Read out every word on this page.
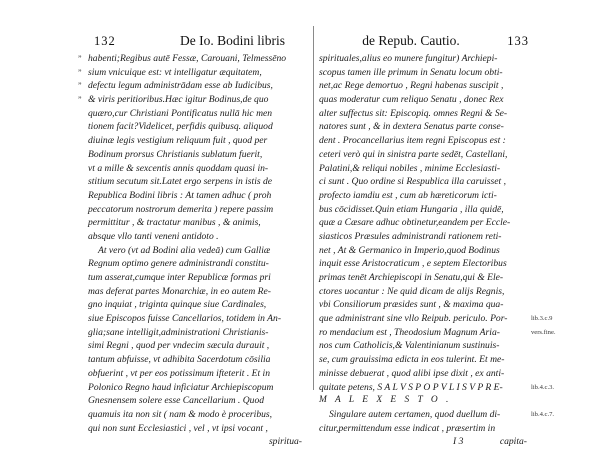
132	De Io. Bodini libris
” habenti;Regibus autē Fessæ, Carouani, Telmessēno
” sium vnicuique est: vt intelligatur æquitatem,
” defectu legum administrādam esse ab Iudicibus,
” & viris peritioribus.Hæc igitur Bodinus,de quo
quæro,cur Christiani Pontificatus nullā hic men
tionem facit?Videlicet, perfidis quibusq. aliquod
diuinæ legis vestigium reliquum fuit , quod per
Bodinum prorsus Christianis sublatum fuerit,
vt a mille & sexcentis annis quoddam quasi in-
stitium secutum sit.Latet ergo serpens in istis de
Republica Bodini libris : At tamen adhuc ( proh
peccatorum nostrorum demerita ) repere passim
permittitur , & tractatur manibus , & animis,
absque vllo tanti veneni antidoto .
At vero (vt ad Bodini alia vedeā) cum Galliæ
Regnum optimo genere administrandi constitu-
tum asserat,cumque inter Republicæ formas pri
mas deferat partes Monarchiæ, in eo autem Re-
gno inquiat , triginta quinque siue Cardinales,
siue Episcopos fuisse Cancellarios, totidem in An-
glia;sane intelligit,administrationi Christianis-
simi Regni , quod per vndecim sæcula durauit ,
tantum abfuisse, vt adhibita Sacerdotum cōsilia
obfuerint , vt per eos potissimum ifteterit . Et in
Polonico Regno haud inficiatur Archiepiscopum
Gnesnensem solere esse Cancellarium . Quod
quamuis ita non sit ( nam & modo è proceribus,
qui non sunt Ecclesiastici , vel , vt ipsi vocant ,
spiritua-
de Repub. Cautio.	133
spirituales,alius eo munere fungitur) Archiepi-
scopus tamen ille primum in Senatu locum obti-
net,ac Rege demortuo , Regni habenas suscipit ,
quas moderatur cum reliquo Senatu , donec Rex
alter suffectus sit: Episcopiq. omnes Regni & Se-
natores sunt , & in dextera Senatus parte conse-
dent . Procancellarius item regni Episcopus est :
ceteri verò qui in sinistra parte sedēt, Castellani,
Palatini,& reliqui nobiles , minime Ecclesiasti-
ci sunt . Quo ordine si Respublica illa caruisset ,
profecto iamdiu est , cum ab hæreticorum icti-
bus cōcidisset.Quin etiam Hungaria , illa quidē,
quæ a Cæsare adhuc obtinetur,eandem per Eccle-
siasticos Præsules administrandi rationem reti-
net , At & Germanico in Imperio,quod Bodinus
inquit esse Aristocraticum , e septem Electoribus
primas tenēt Archiepiscopi in Senatu,qui & Ele-
ctores uocantur : Ne quid dicam de alijs Regnis,
vbi Consiliorum præsides sunt , & maxima qua-
que administrant sine vllo Reipub. periculo. Por-	lib.3.c.9
ro mendacium est , Theodosium Magnum Aria-	vers.fine.
nos cum Catholicis,& Valentinianum sustinuis-
se, cum grauissima edicta in eos tulerint. Et me-
minisse debuerat , quod alibi ipse dixit , ex anti-
quitate petens, S A L V S P O P V L I S V P R E-	lib.4.c.3.
M A L E X E S T O .
Singulare autem certamen, quod duellum di-	lib.4.c.7.
citur,permittendum esse indicat , præsertim in
I 3	capita-
